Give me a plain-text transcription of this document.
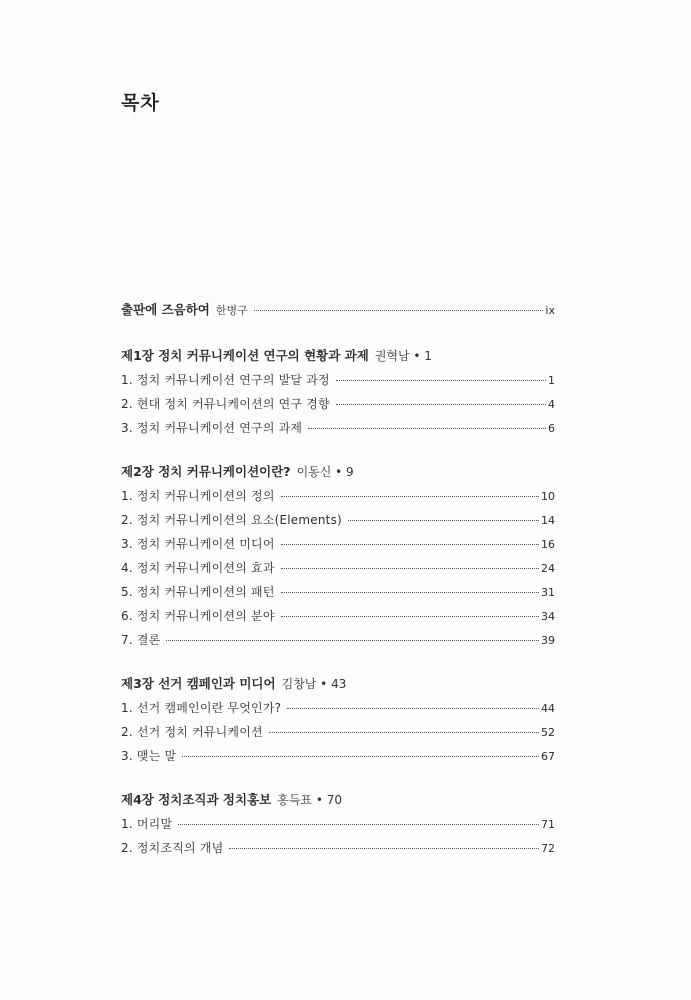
목차
출판에 즈음하여 한병구	ix
제1장 정치 커뮤니케이션 연구의 현황과 과제 권혁남 • 1
1. 정치 커뮤니케이션 연구의 발달 과정	1
2. 현대 정치 커뮤니케이션의 연구 경향	4
3. 정치 커뮤니케이션 연구의 과제	6
제2장 정치 커뮤니케이션이란? 이동신 • 9
1. 정치 커뮤니케이션의 정의	10
2. 정치 커뮤니케이션의 요소(Elements)	14
3. 정치 커뮤니케이션 미디어	16
4. 정치 커뮤니케이션의 효과	24
5. 정치 커뮤니케이션의 패턴	31
6. 정치 커뮤니케이션의 분야	34
7. 결론	39
제3장 선거 캠페인과 미디어 김창남 • 43
1. 선거 캠페인이란 무엇인가?	44
2. 선거 정치 커뮤니케이션	52
3. 맺는 말	67
제4장 정치조직과 정치홍보 홍득표 • 70
1. 머리말	71
2. 정치조직의 개념	72
